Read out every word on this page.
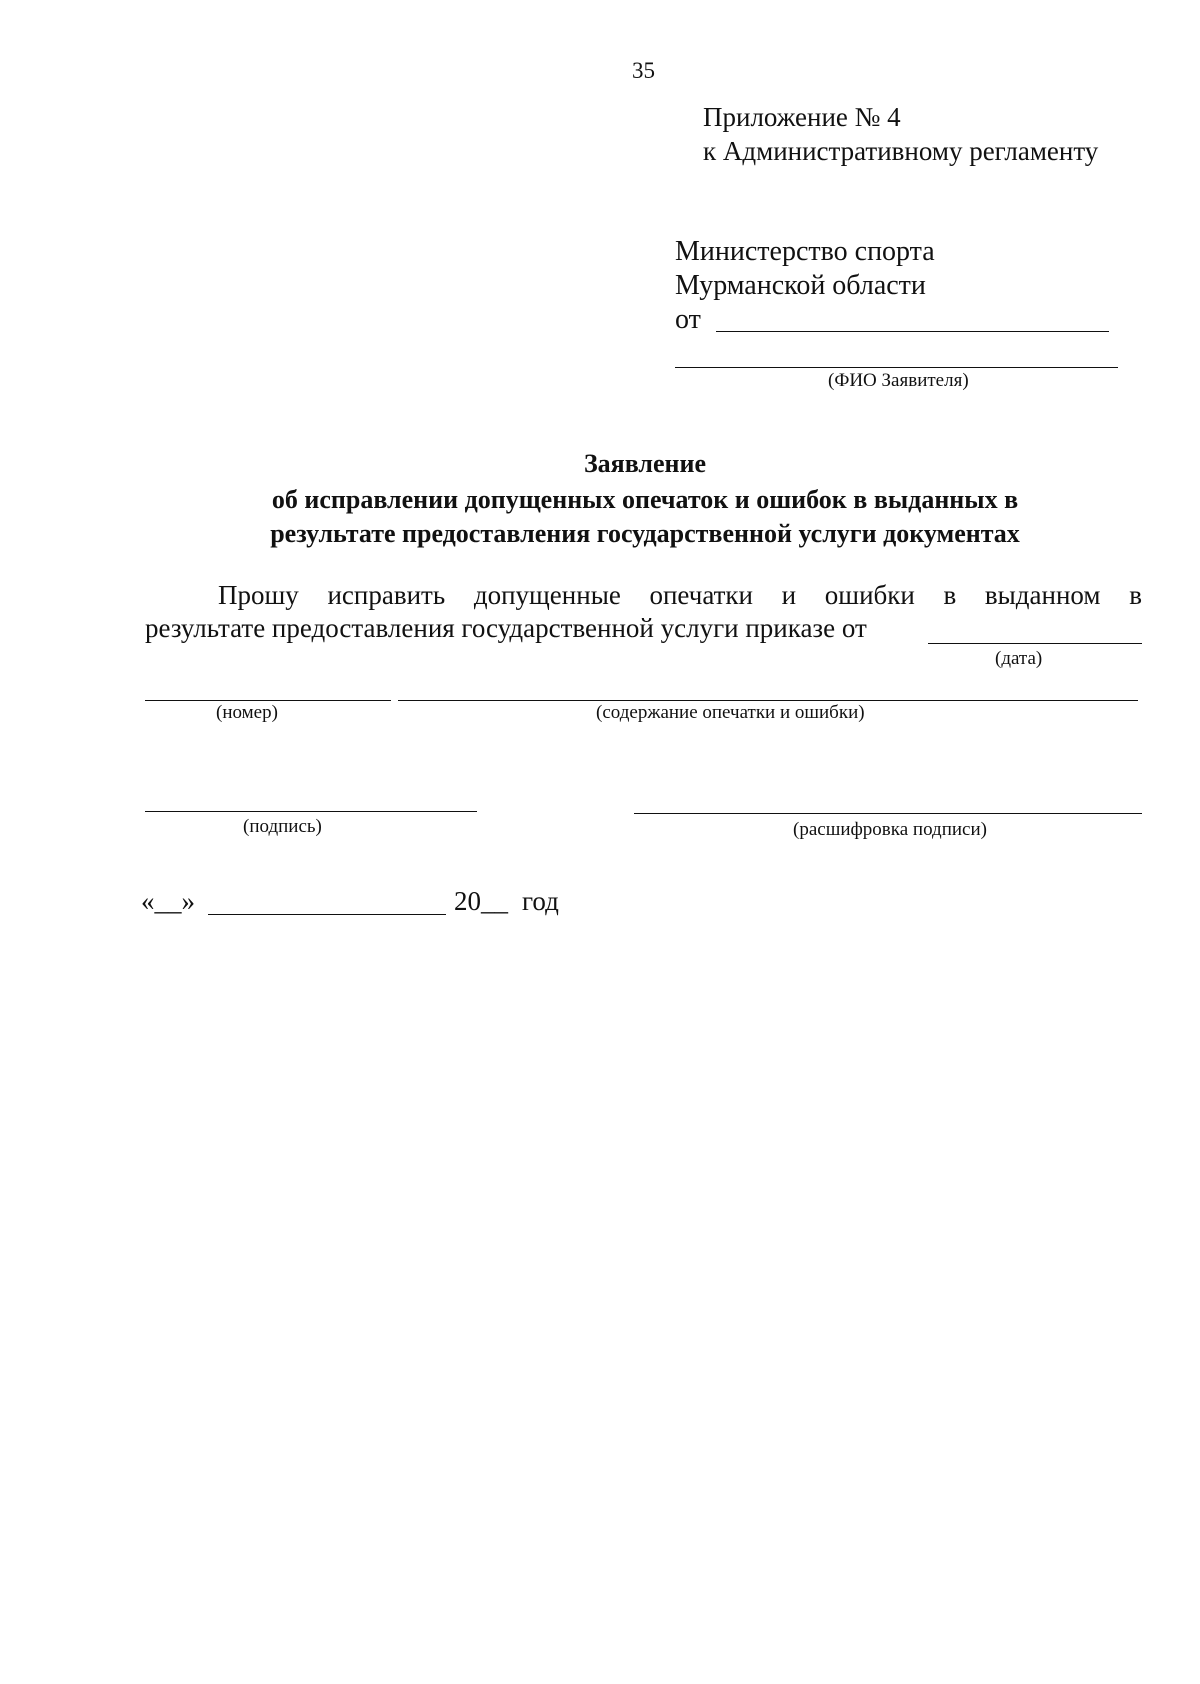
35
Приложение № 4
к Административному регламенту
Министерство спорта
Мурманской области
от
(ФИО Заявителя)
Заявление
об исправлении допущенных опечаток и ошибок в выданных в
результате предоставления государственной услуги документах
Прошу исправить допущенные опечатки и ошибки в выданном в
результате предоставления государственной услуги приказе от
(дата)
(номер)	(содержание опечатки и ошибки)
(подпись)	(расшифровка подписи)
«__»	20__ год
